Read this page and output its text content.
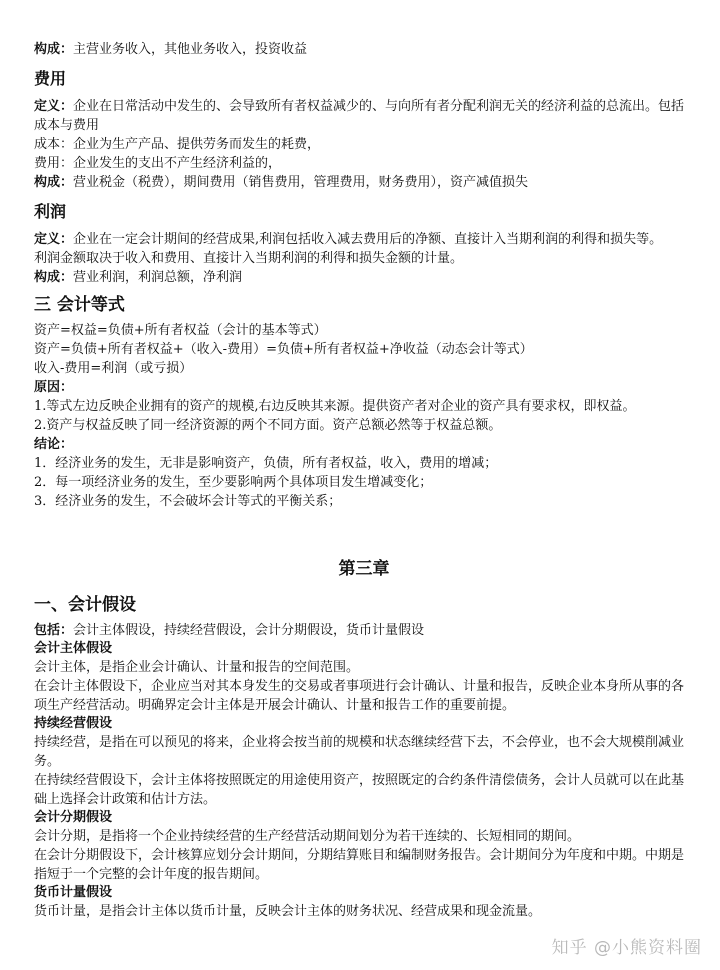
构成：主营业务收入，其他业务收入，投资收益
费用
定义：企业在日常活动中发生的、会导致所有者权益减少的、与向所有者分配利润无关的经济利益的总流出。包括成本与费用
成本：企业为生产产品、提供劳务而发生的耗费，
费用：企业发生的支出不产生经济利益的，
构成：营业税金（税费），期间费用（销售费用，管理费用，财务费用），资产减值损失
利润
定义：企业在一定会计期间的经营成果,利润包括收入减去费用后的净额、直接计入当期利润的利得和损失等。
利润金额取决于收入和费用、直接计入当期利润的利得和损失金额的计量。
构成：营业利润，利润总额，净利润
三 会计等式
资产=权益=负债+所有者权益（会计的基本等式）
资产=负债+所有者权益+（收入-费用）=负债+所有者权益+净收益（动态会计等式）
收入-费用=利润（或亏损）
原因：
1.等式左边反映企业拥有的资产的规模,右边反映其来源。提供资产者对企业的资产具有要求权，即权益。
2.资产与权益反映了同一经济资源的两个不同方面。资产总额必然等于权益总额。
结论：
1．经济业务的发生，无非是影响资产，负债，所有者权益，收入，费用的增减；
2．每一项经济业务的发生，至少要影响两个具体项目发生增减变化；
3．经济业务的发生，不会破坏会计等式的平衡关系；
第三章
一、会计假设
包括：会计主体假设，持续经营假设，会计分期假设，货币计量假设
会计主体假设
会计主体，是指企业会计确认、计量和报告的空间范围。
在会计主体假设下，企业应当对其本身发生的交易或者事项进行会计确认、计量和报告，反映企业本身所从事的各项生产经营活动。明确界定会计主体是开展会计确认、计量和报告工作的重要前提。
持续经营假设
持续经营，是指在可以预见的将来，企业将会按当前的规模和状态继续经营下去，不会停业，也不会大规模削减业务。
在持续经营假设下，会计主体将按照既定的用途使用资产，按照既定的合约条件清偿债务，会计人员就可以在此基础上选择会计政策和估计方法。
会计分期假设
会计分期，是指将一个企业持续经营的生产经营活动期间划分为若干连续的、长短相同的期间。
在会计分期假设下，会计核算应划分会计期间，分期结算账目和编制财务报告。会计期间分为年度和中期。中期是指短于一个完整的会计年度的报告期间。
货币计量假设
货币计量，是指会计主体以货币计量，反映会计主体的财务状况、经营成果和现金流量。
知乎 @小熊资料圈
